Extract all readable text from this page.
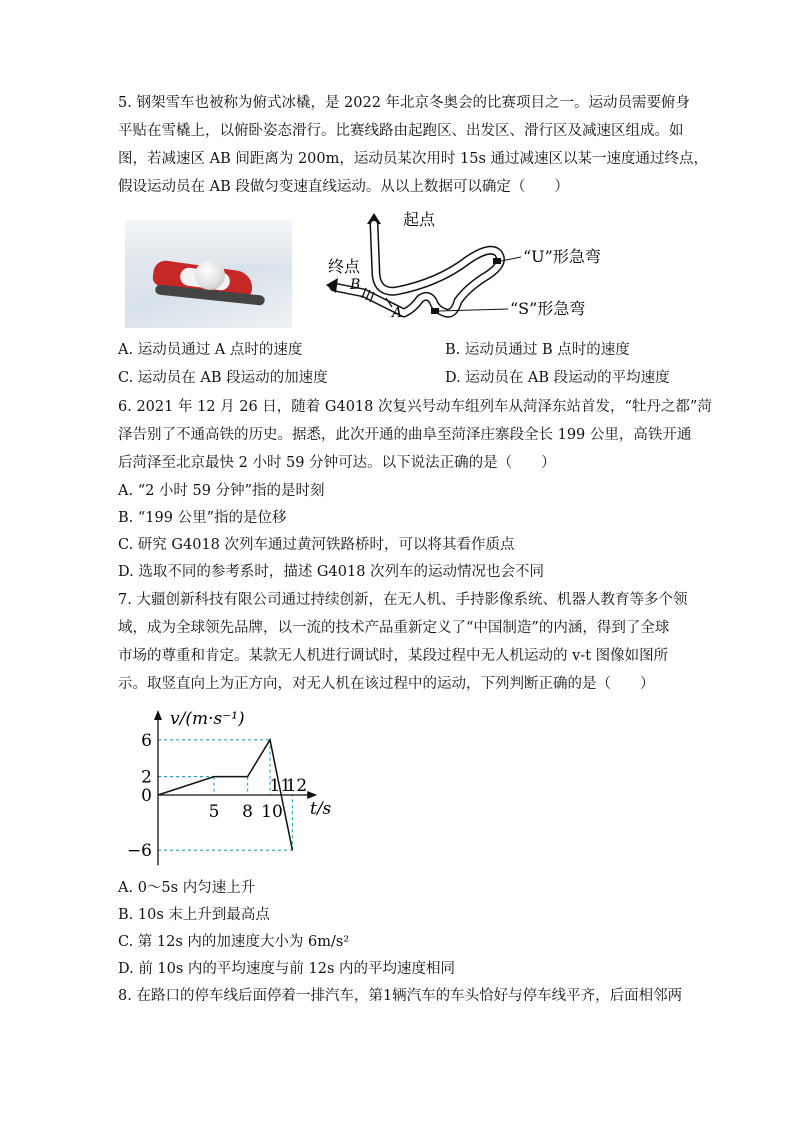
5. 钢架雪车也被称为俯式冰橇，是 2022 年北京冬奥会的比赛项目之一。运动员需要俯身
平贴在雪橇上，以俯卧姿态滑行。比赛线路由起跑区、出发区、滑行区及减速区组成。如
图，若减速区 AB 间距离为 200m，运动员某次用时 15s 通过减速区以某一速度通过终点，
假设运动员在 AB 段做匀变速直线运动。从以上数据可以确定（　　）
起点
终点
B
A
“U”形急弯
“S”形急弯
A. 运动员通过 A 点时的速度	B. 运动员通过 B 点时的速度
C. 运动员在 AB 段运动的加速度	D. 运动员在 AB 段运动的平均速度
6. 2021 年 12 月 26 日，随着 G4018 次复兴号动车组列车从菏泽东站首发，“牡丹之都”菏
泽告别了不通高铁的历史。据悉，此次开通的曲阜至菏泽庄寨段全长 199 公里，高铁开通
后菏泽至北京最快 2 小时 59 分钟可达。以下说法正确的是（　　）
A. “2 小时 59 分钟”指的是时刻
B. “199 公里”指的是位移
C. 研究 G4018 次列车通过黄河铁路桥时，可以将其看作质点
D. 选取不同的参考系时，描述 G4018 次列车的运动情况也会不同
7. 大疆创新科技有限公司通过持续创新，在无人机、手持影像系统、机器人教育等多个领
域，成为全球领先品牌，以一流的技术产品重新定义了“中国制造”的内涵，得到了全球
市场的尊重和肯定。某款无人机进行调试时，某段过程中无人机运动的 v-t 图像如图所
示。取竖直向上为正方向，对无人机在该过程中的运动，下列判断正确的是（　　）
6
2
0
−6
5 8 10
11
12
v/(m·s⁻¹)
t/s
A. 0～5s 内匀速上升
B. 10s 末上升到最高点
C. 第 12s 内的加速度大小为 6m/s²
D. 前 10s 内的平均速度与前 12s 内的平均速度相同
8. 在路口的停车线后面停着一排汽车，第1辆汽车的车头恰好与停车线平齐，后面相邻两
